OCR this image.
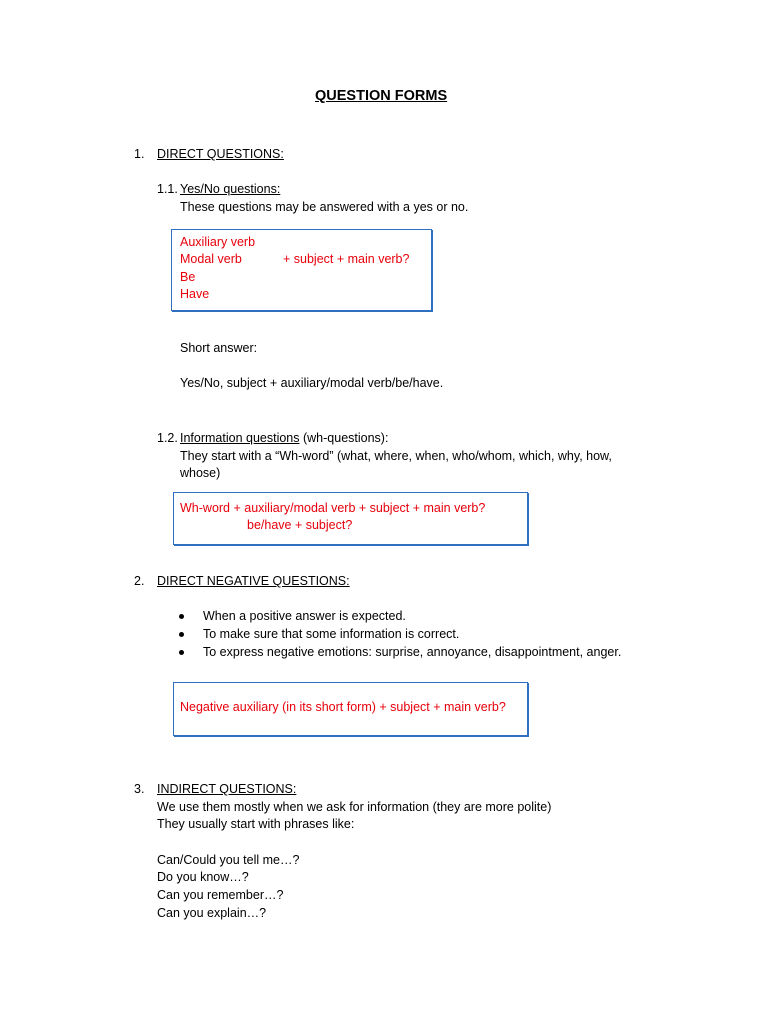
QUESTION FORMS
1. DIRECT QUESTIONS:
1.1. Yes/No questions:
These questions may be answered with a yes or no.
Auxiliary verb
Modal verb	+ subject + main verb?
Be
Have
Short answer:
Yes/No, subject + auxiliary/modal verb/be/have.
1.2. Information questions (wh-questions):
They start with a “Wh-word” (what, where, when, who/whom, which, why, how,
whose)
Wh-word + auxiliary/modal verb + subject + main verb?
be/have + subject?
2. DIRECT NEGATIVE QUESTIONS:
When a positive answer is expected.
To make sure that some information is correct.
To express negative emotions: surprise, annoyance, disappointment, anger.
Negative auxiliary (in its short form) + subject + main verb?
3. INDIRECT QUESTIONS:
We use them mostly when we ask for information (they are more polite)
They usually start with phrases like:
Can/Could you tell me…?
Do you know…?
Can you remember…?
Can you explain…?
